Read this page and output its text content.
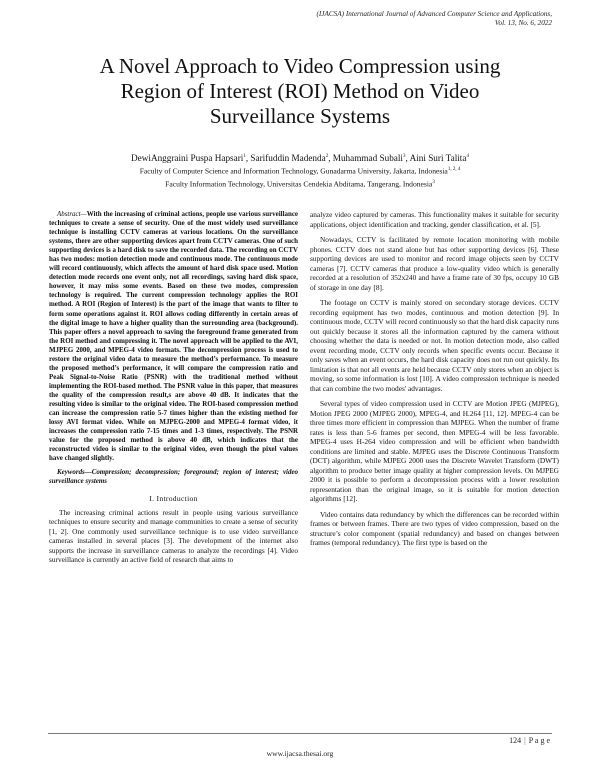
(IJACSA) International Journal of Advanced Computer Science and Applications,
Vol. 13, No. 6, 2022
A Novel Approach to Video Compression using
Region of Interest (ROI) Method on Video
Surveillance Systems
DewiAnggraini Puspa Hapsari$^1$, Sarifuddin Madenda$^2$, Muhammad Subali$^3$, Aini Suri Talita$^4$
Faculty of Computer Science and Information Technology, Gunadarma University, Jakarta, Indonesia$^{1, 2, 4}$
Faculty Information Technology, Universitas Cendekia Abditama, Tangerang, Indonesia$^3$

Abstract—With the increasing of criminal actions, people use various surveillance techniques to create a sense of security. One of the most widely used surveillance technique is installing CCTV cameras at various locations. On the surveillance systems, there are other supporting devices apart from CCTV cameras. One of such supporting devices is a hard disk to save the recorded data. The recording on CCTV has two modes: motion detection mode and continuous mode. The continuous mode will record continuously, which affects the amount of hard disk space used. Motion detection mode records one event only, not all recordings, saving hard disk space, however, it may miss some events. Based on these two modes, compression technology is required. The current compression technology applies the ROI method. A ROI (Region of Interest) is the part of the image that wants to filter to form some operations against it. ROI allows coding differently in certain areas of the digital image to have a higher quality than the surrounding area (background). This paper offers a novel approach to saving the foreground frame generated from the ROI method and compressing it. The novel approach will be applied to the AVI, MJPEG 2000, and MPEG-4 video formats. The decompression process is used to restore the original video data to measure the method’s performance. To measure the proposed method’s performance, it will compare the compression ratio and Peak Signal-to-Noise Ratio (PSNR) with the traditional method without implementing the ROI-based method. The PSNR value in this paper, that measures the quality of the compression result,s are above 40 dB. It indicates that the resulting video is similar to the original video. The ROI-based compression method can increase the compression ratio 5-7 times higher than the existing method for lossy AVI format video. While on MJPEG-2000 and MPEG-4 format video, it increases the compression ratio 7-15 times and 1-3 times, respectively. The PSNR value for the proposed method is above 40 dB, which indicates that the reconstructed video is similar to the original video, even though the pixel values have changed slightly.

Keywords—Compression; decompression; foreground; region of interest; video surveillance systems

I. Introduction

The increasing criminal actions result in people using various surveillance techniques to ensure security and manage communities to create a sense of security [1, 2]. One commonly used surveillance technique is to use video surveillance cameras installed in several places [3]. The development of the internet also supports the increase in surveillance cameras to analyze the recordings [4]. Video surveillance is currently an active field of research that aims to

analyze video captured by cameras. This functionality makes it suitable for security applications, object identification and tracking, gender classification, et al. [5].

Nowadays, CCTV is facilitated by remote location monitoring with mobile phones. CCTV does not stand alone but has other supporting devices [6]. These supporting devices are used to monitor and record image objects seen by CCTV cameras [7]. CCTV cameras that produce a low-quality video which is generally recorded at a resolution of 352x240 and have a frame rate of 30 fps, occupy 10 GB of storage in one day [8].

The footage on CCTV is mainly stored on secondary storage devices. CCTV recording equipment has two modes, continuous and motion detection [9]. In continuous mode, CCTV will record continuously so that the hard disk capacity runs out quickly because it stores all the information captured by the camera without choosing whether the data is needed or not. In motion detection mode, also called event recording mode, CCTV only records when specific events occur. Because it only saves when an event occurs, the hard disk capacity does not run out quickly. Its limitation is that not all events are held because CCTV only stores when an object is moving, so some information is lost [10]. A video compression technique is needed that can combine the two modes' advantages.

Several types of video compression used in CCTV are Motion JPEG (MJPEG), Motion JPEG 2000 (MJPEG 2000), MPEG-4, and H.264 [11, 12]. MPEG-4 can be three times more efficient in compression than MJPEG. When the number of frame rates is less than 5-6 frames per second, then MPEG-4 will be less favorable. MPEG-4 uses H-264 video compression and will be efficient when bandwidth conditions are limited and stable. MJPEG uses the Discrete Continuous Transform (DCT) algorithm, while MJPEG 2000 uses the Discrete Wavelet Transform (DWT) algorithm to produce better image quality at higher compression levels. On MJPEG 2000 it is possible to perform a decompression process with a lower resolution representation than the original image, so it is suitable for motion detection algorithms [12].

Video contains data redundancy by which the differences can be recorded within frames or between frames. There are two types of video compression, based on the structure’s color component (spatial redundancy) and based on changes between frames (temporal redundancy). The first type is based on the

124 | P a g e
www.ijacsa.thesai.org
